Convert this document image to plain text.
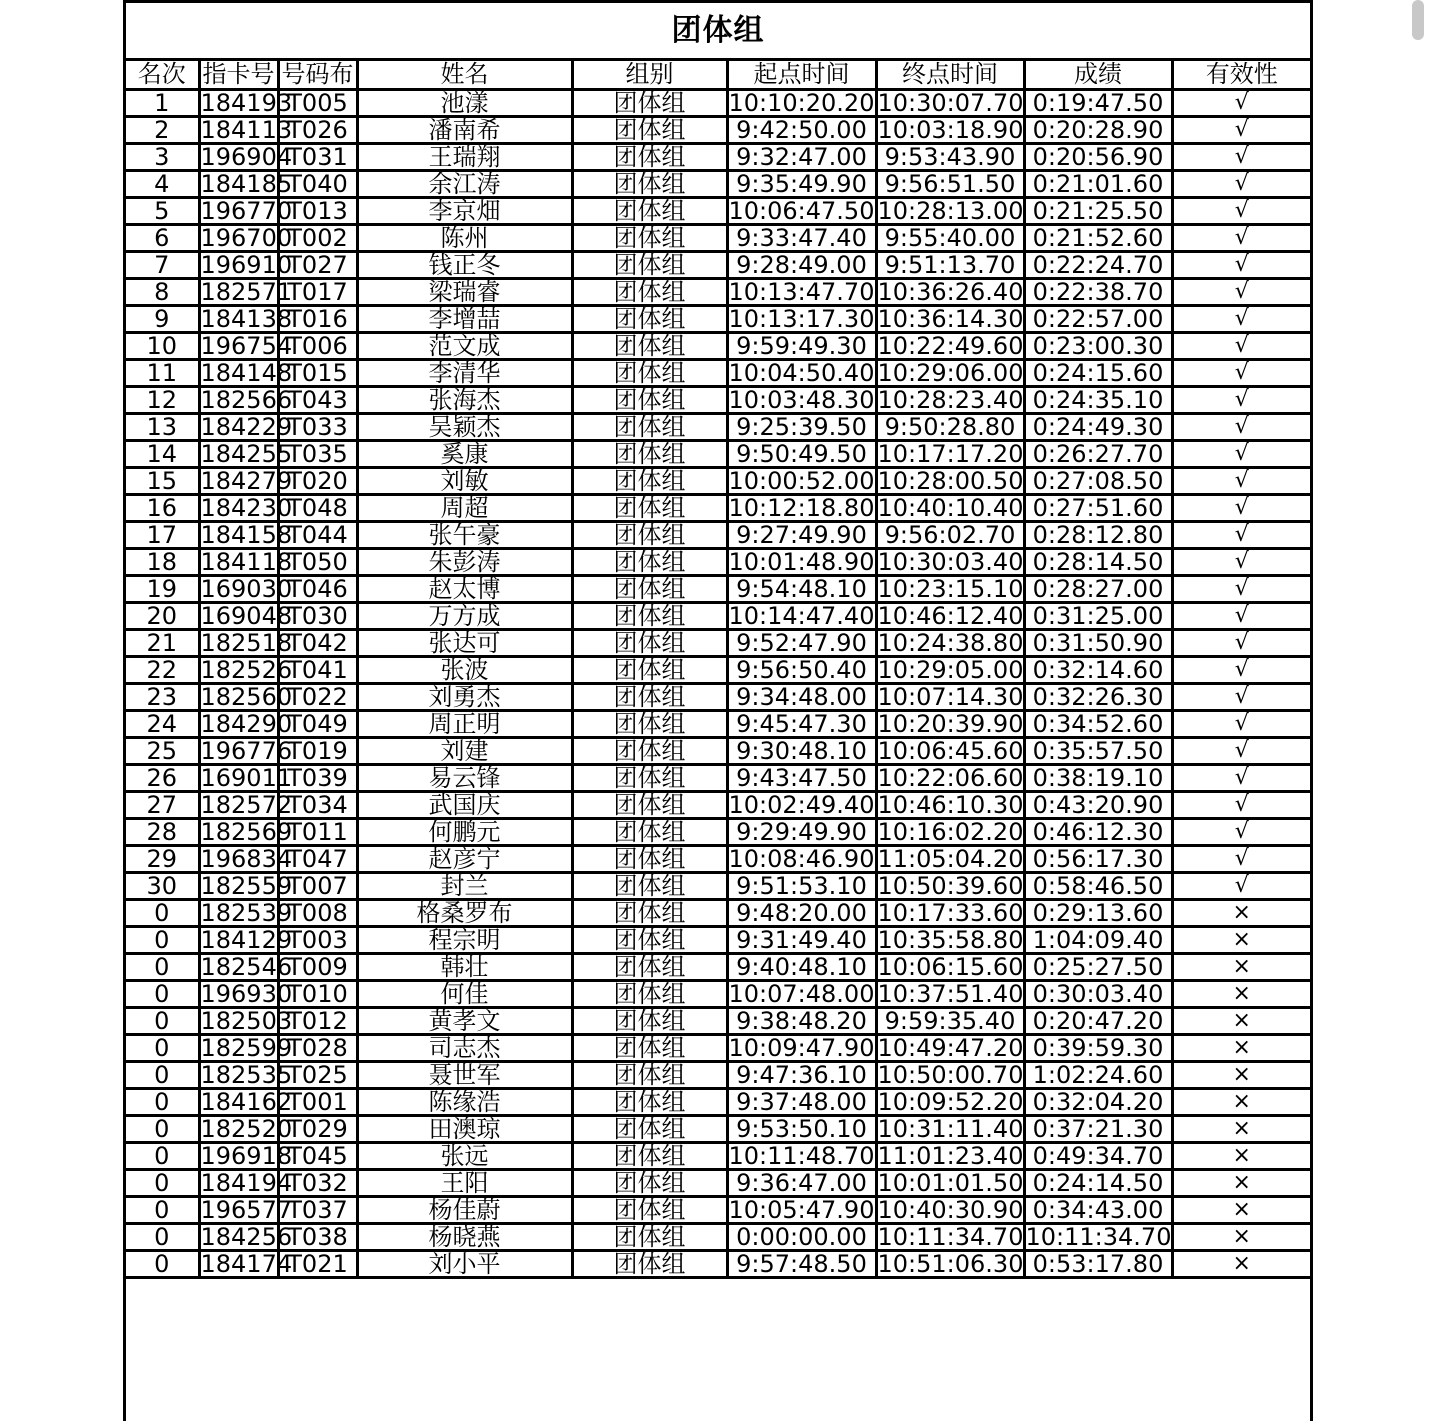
团体组
名次	指卡号	号码布	姓名	组别	起点时间	终点时间	成绩	有效性
1	184193	T005	池漾	团体组	10:10:20.20	10:30:07.70	0:19:47.50	√
2	184113	T026	潘南希	团体组	9:42:50.00	10:03:18.90	0:20:28.90	√
3	196904	T031	王瑞翔	团体组	9:32:47.00	9:53:43.90	0:20:56.90	√
4	184185	T040	余江涛	团体组	9:35:49.90	9:56:51.50	0:21:01.60	√
5	196770	T013	李京畑	团体组	10:06:47.50	10:28:13.00	0:21:25.50	√
6	196700	T002	陈州	团体组	9:33:47.40	9:55:40.00	0:21:52.60	√
7	196910	T027	钱正冬	团体组	9:28:49.00	9:51:13.70	0:22:24.70	√
8	182571	T017	梁瑞睿	团体组	10:13:47.70	10:36:26.40	0:22:38.70	√
9	184138	T016	李增喆	团体组	10:13:17.30	10:36:14.30	0:22:57.00	√
10	196754	T006	范文成	团体组	9:59:49.30	10:22:49.60	0:23:00.30	√
11	184148	T015	李清华	团体组	10:04:50.40	10:29:06.00	0:24:15.60	√
12	182566	T043	张海杰	团体组	10:03:48.30	10:28:23.40	0:24:35.10	√
13	184229	T033	吴颖杰	团体组	9:25:39.50	9:50:28.80	0:24:49.30	√
14	184255	T035	奚康	团体组	9:50:49.50	10:17:17.20	0:26:27.70	√
15	184279	T020	刘敏	团体组	10:00:52.00	10:28:00.50	0:27:08.50	√
16	184230	T048	周超	团体组	10:12:18.80	10:40:10.40	0:27:51.60	√
17	184158	T044	张午豪	团体组	9:27:49.90	9:56:02.70	0:28:12.80	√
18	184118	T050	朱彭涛	团体组	10:01:48.90	10:30:03.40	0:28:14.50	√
19	169030	T046	赵太博	团体组	9:54:48.10	10:23:15.10	0:28:27.00	√
20	169048	T030	万方成	团体组	10:14:47.40	10:46:12.40	0:31:25.00	√
21	182518	T042	张达可	团体组	9:52:47.90	10:24:38.80	0:31:50.90	√
22	182526	T041	张波	团体组	9:56:50.40	10:29:05.00	0:32:14.60	√
23	182560	T022	刘勇杰	团体组	9:34:48.00	10:07:14.30	0:32:26.30	√
24	184290	T049	周正明	团体组	9:45:47.30	10:20:39.90	0:34:52.60	√
25	196776	T019	刘建	团体组	9:30:48.10	10:06:45.60	0:35:57.50	√
26	169011	T039	易云锋	团体组	9:43:47.50	10:22:06.60	0:38:19.10	√
27	182572	T034	武国庆	团体组	10:02:49.40	10:46:10.30	0:43:20.90	√
28	182569	T011	何鹏元	团体组	9:29:49.90	10:16:02.20	0:46:12.30	√
29	196834	T047	赵彦宁	团体组	10:08:46.90	11:05:04.20	0:56:17.30	√
30	182559	T007	封兰	团体组	9:51:53.10	10:50:39.60	0:58:46.50	√
0	182539	T008	格桑罗布	团体组	9:48:20.00	10:17:33.60	0:29:13.60	×
0	184129	T003	程宗明	团体组	9:31:49.40	10:35:58.80	1:04:09.40	×
0	182546	T009	韩壮	团体组	9:40:48.10	10:06:15.60	0:25:27.50	×
0	196930	T010	何佳	团体组	10:07:48.00	10:37:51.40	0:30:03.40	×
0	182503	T012	黄孝文	团体组	9:38:48.20	9:59:35.40	0:20:47.20	×
0	182599	T028	司志杰	团体组	10:09:47.90	10:49:47.20	0:39:59.30	×
0	182535	T025	聂世军	团体组	9:47:36.10	10:50:00.70	1:02:24.60	×
0	184162	T001	陈缘浩	团体组	9:37:48.00	10:09:52.20	0:32:04.20	×
0	182520	T029	田澳琼	团体组	9:53:50.10	10:31:11.40	0:37:21.30	×
0	196918	T045	张远	团体组	10:11:48.70	11:01:23.40	0:49:34.70	×
0	184194	T032	王阳	团体组	9:36:47.00	10:01:01.50	0:24:14.50	×
0	196577	T037	杨佳蔚	团体组	10:05:47.90	10:40:30.90	0:34:43.00	×
0	184256	T038	杨晓燕	团体组	0:00:00.00	10:11:34.70	10:11:34.70	×
0	184174	T021	刘小平	团体组	9:57:48.50	10:51:06.30	0:53:17.80	×
